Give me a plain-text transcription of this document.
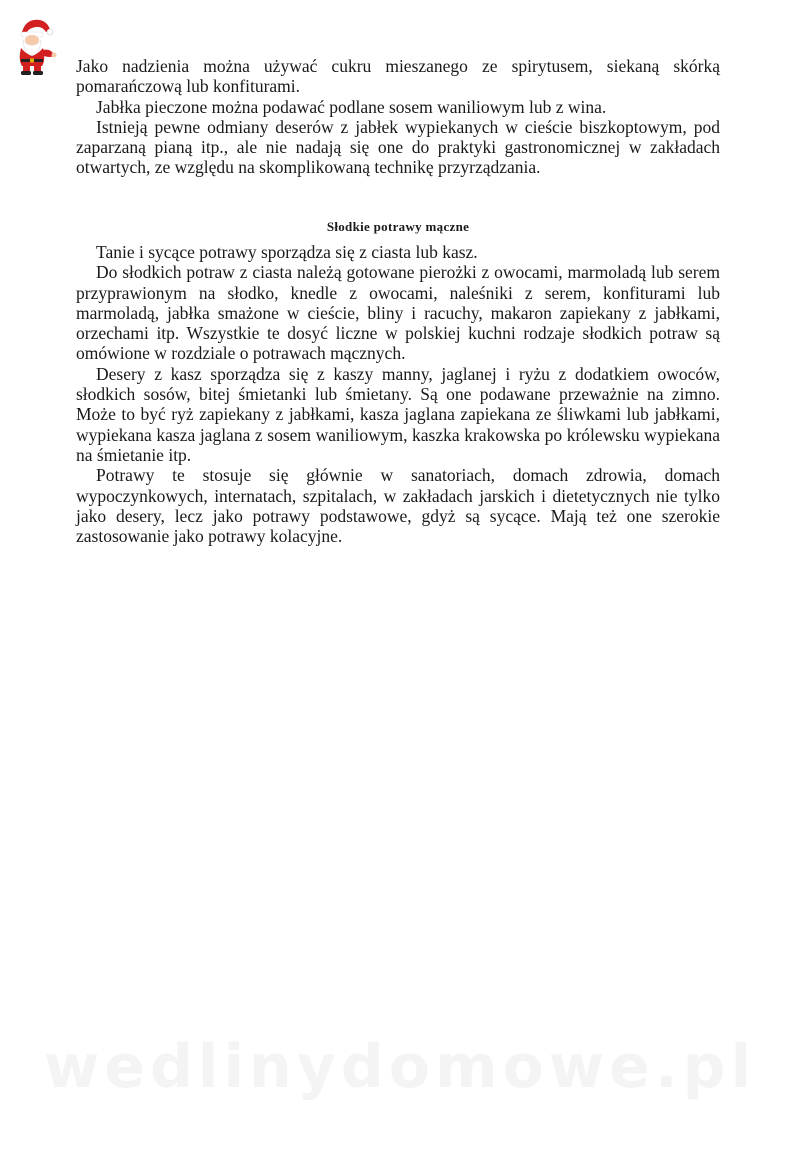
Jako nadzienia można używać cukru mieszanego ze spirytusem, siekaną skórką pomarańczową lub konfiturami.

Jabłka pieczone można podawać podlane sosem waniliowym lub z wina.

Istnieją pewne odmiany deserów z jabłek wypiekanych w cieście biszkoptowym, pod zaparzaną pianą itp., ale nie nadają się one do praktyki gastronomicznej w zakładach otwartych, ze względu na skomplikowaną technikę przyrządzania.

Słodkie potrawy mączne

Tanie i sycące potrawy sporządza się z ciasta lub kasz.

Do słodkich potraw z ciasta należą gotowane pierożki z owocami, marmoladą lub serem przyprawionym na słodko, knedle z owocami, naleśniki z serem, konfiturami lub marmoladą, jabłka smażone w cieście, bliny i racuchy, makaron zapiekany z jabłkami, orzechami itp. Wszystkie te dosyć liczne w polskiej kuchni rodzaje słodkich potraw są omówione w rozdziale o potrawach mącznych.

Desery z kasz sporządza się z kaszy manny, jaglanej i ryżu z dodatkiem owoców, słodkich sosów, bitej śmietanki lub śmietany. Są one podawane przeważnie na zimno. Może to być ryż zapiekany z jabłkami, kasza jaglana zapiekana ze śliwkami lub jabłkami, wypiekana kasza jaglana z sosem waniliowym, kaszka krakowska po królewsku wypiekana na śmietanie itp.

Potrawy te stosuje się głównie w sanatoriach, domach zdrowia, domach wypoczynkowych, internatach, szpitalach, w zakładach jarskich i dietetycznych nie tylko jako desery, lecz jako potrawy podstawowe, gdyż są sycące. Mają też one szerokie zastosowanie jako potrawy kolacyjne.

wedlinydomowe.pl
